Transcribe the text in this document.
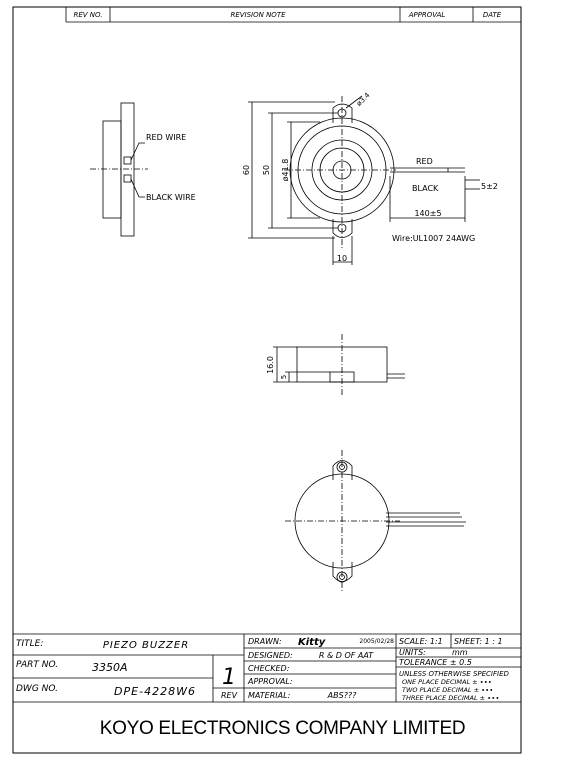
REV NO.	REVISION NOTE	APPROVAL	DATE
RED WIRE
BLACK WIRE
ø3.4
60 50 ø41.8	RED
BLACK	5±2
140±5
10
Wire:UL1007 24AWG
16.0
5
TITLE:	PIEZO BUZZER
PART NO.	3350A
DWG NO.	DPE-4228W6
1
REV
DRAWN: Kitty	2005/02/28
DESIGNED:	R & D OF AAT
CHECKED:
APPROVAL:
MATERIAL:	ABS???
SCALE: 1:1 SHEET: 1 : 1
UNITS:	mm
TOLERANCE ± 0.5
UNLESS OTHERWISE SPECIFIED
ONE PLACE DECIMAL ± ∙∙∙
TWO PLACE DECIMAL ± ∙∙∙
THREE PLACE DECIMAL ± ∙∙∙
KOYO ELECTRONICS COMPANY LIMITED
